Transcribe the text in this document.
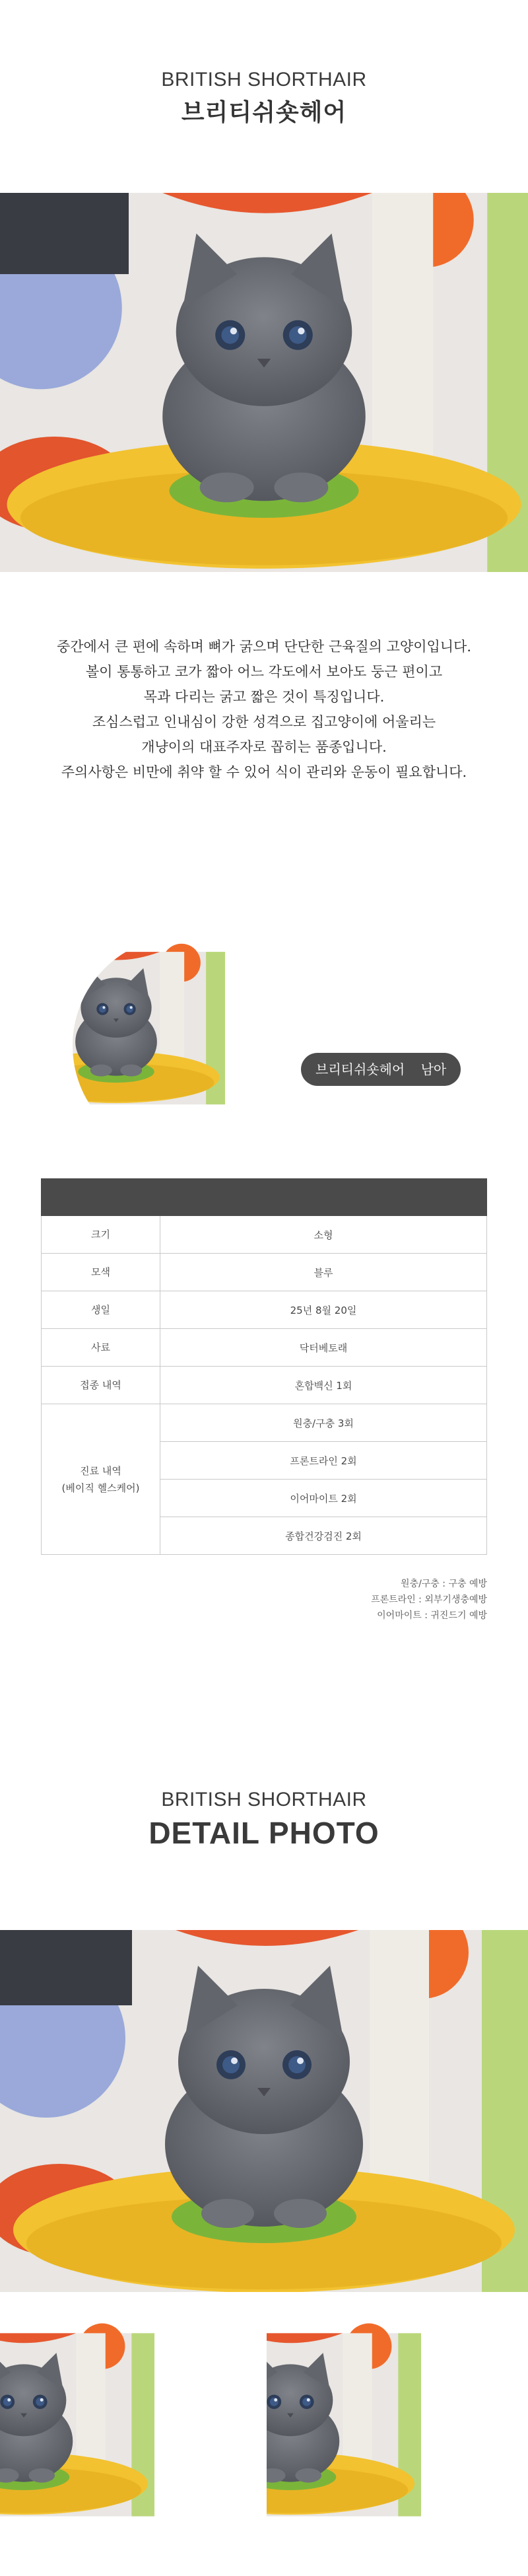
BRITISH SHORTHAIR
브리티쉬숏헤어

중간에서 큰 편에 속하며 뼈가 굵으며 단단한 근육질의 고양이입니다.

볼이 통통하고 코가 짧아 어느 각도에서 보아도 둥근 편이고

목과 다리는 굵고 짧은 것이 특징입니다.

조심스럽고 인내심이 강한 성격으로 집고양이에 어울리는

개냥이의 대표주자로 꼽히는 품종입니다.

주의사항은 비만에 취약 할 수 있어 식이 관리와 운동이 필요합니다.

브리티쉬숏헤어 남아

크기	소형
모색	블루
생일	25년 8월 20일
사료	닥터베토래
접종 내역	혼합백신 1회

진료 내역
(베이직 헬스케어)	원충/구충 3회
	프론트라인 2회
	이어마이트 2회
	종합건강검진 2회
원충/구충 : 구충 예방
프론트라인 : 외부기생충예방
이어마이트 : 귀진드기 예방
BRITISH SHORTHAIR
DETAIL PHOTO
